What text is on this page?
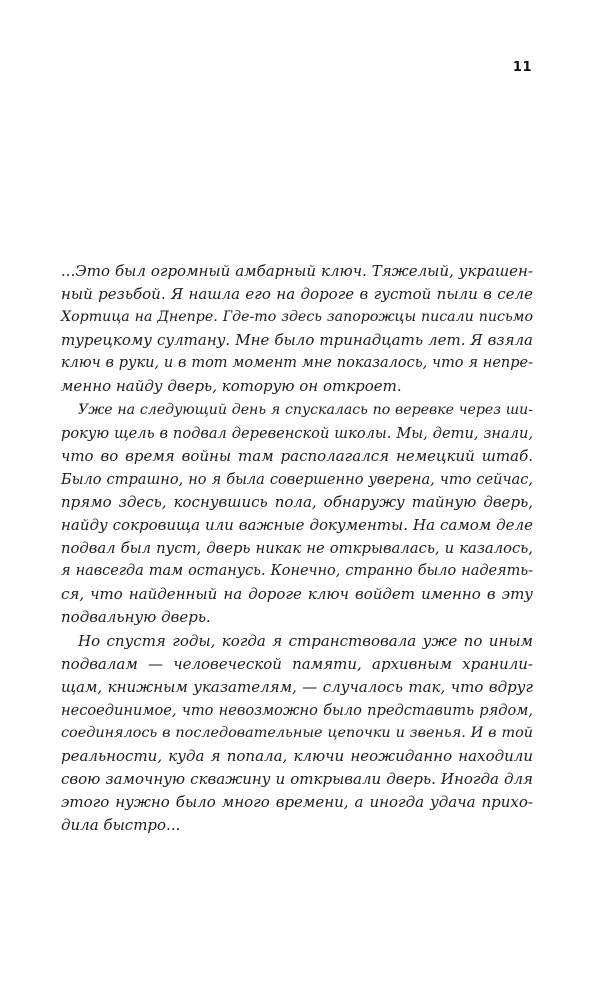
11
...Это был огромный амбарный ключ. Тяжелый, украшен-
ный резьбой. Я нашла его на дороге в густой пыли в селе
Хортица на Днепре. Где-то здесь запорожцы писали письмо
турецкому султану. Мне было тринадцать лет. Я взяла
ключ в руки, и в тот момент мне показалось, что я непре-
менно найду дверь, которую он откроет.
Уже на следующий день я спускалась по веревке через ши-
рокую щель в подвал деревенской школы. Мы, дети, знали,
что во время войны там располагался немецкий штаб.
Было страшно, но я была совершенно уверена, что сейчас,
прямо здесь, коснувшись пола, обнаружу тайную дверь,
найду сокровища или важные документы. На самом деле
подвал был пуст, дверь никак не открывалась, и казалось,
я навсегда там останусь. Конечно, странно было надеять-
ся, что найденный на дороге ключ войдет именно в эту
подвальную дверь.
Но спустя годы, когда я странствовала уже по иным
подвалам — человеческой памяти, архивным хранили-
щам, книжным указателям, — случалось так, что вдруг
несоединимое, что невозможно было представить рядом,
соединялось в последовательные цепочки и звенья. И в той
реальности, куда я попала, ключи неожиданно находили
свою замочную скважину и открывали дверь. Иногда для
этого нужно было много времени, а иногда удача прихо-
дила быстро...
